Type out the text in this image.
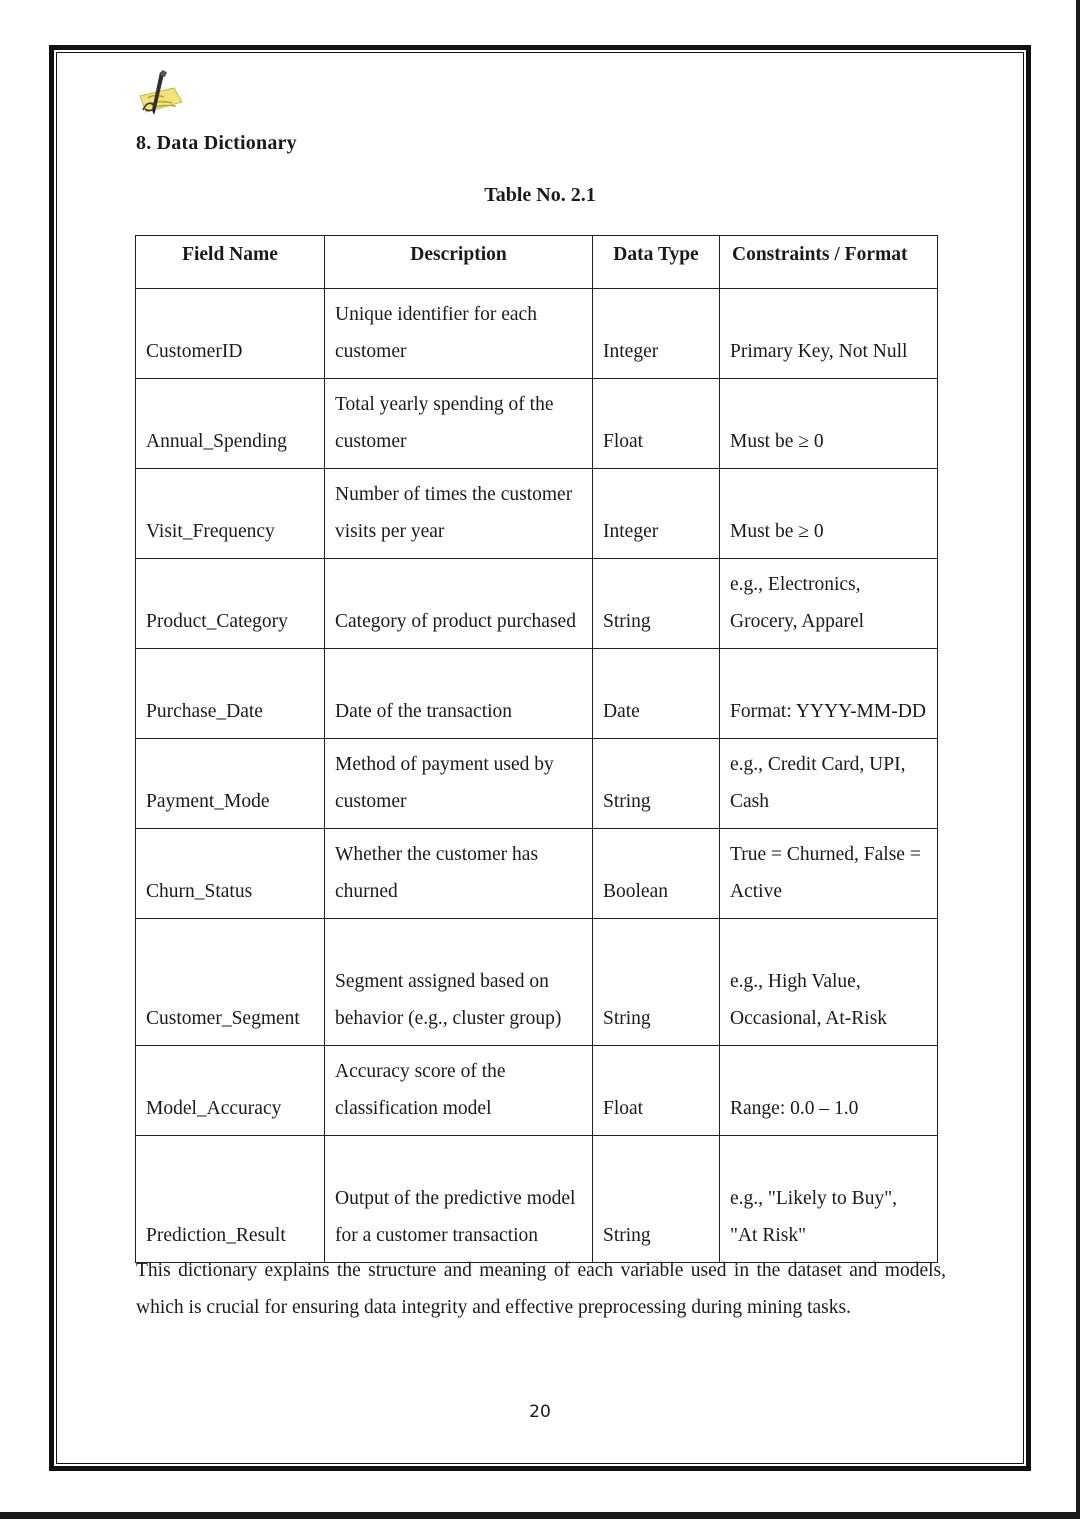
8. Data Dictionary
Table No. 2.1
Field Name	Description	Data Type	Constraints / Format
CustomerID	Unique identifier for each customer	Integer	Primary Key, Not Null
Annual_Spending	Total yearly spending of the customer	Float	Must be ≥ 0
Visit_Frequency	Number of times the customer visits per year	Integer	Must be ≥ 0
Product_Category	Category of product purchased	String	e.g., Electronics, Grocery, Apparel
Purchase_Date	Date of the transaction	Date	Format: YYYY-MM-DD
Payment_Mode	Method of payment used by customer	String	e.g., Credit Card, UPI, Cash
Churn_Status	Whether the customer has churned	Boolean	True = Churned, False = Active
Customer_Segment	Segment assigned based on behavior (e.g., cluster group)	String	e.g., High Value, Occasional, At-Risk
Model_Accuracy	Accuracy score of the classification model	Float	Range: 0.0 – 1.0
Prediction_Result	Output of the predictive model for a customer transaction	String	e.g., "Likely to Buy", "At Risk"
This dictionary explains the structure and meaning of each variable used in the dataset and models, which is crucial for ensuring data integrity and effective preprocessing during mining tasks.
20
